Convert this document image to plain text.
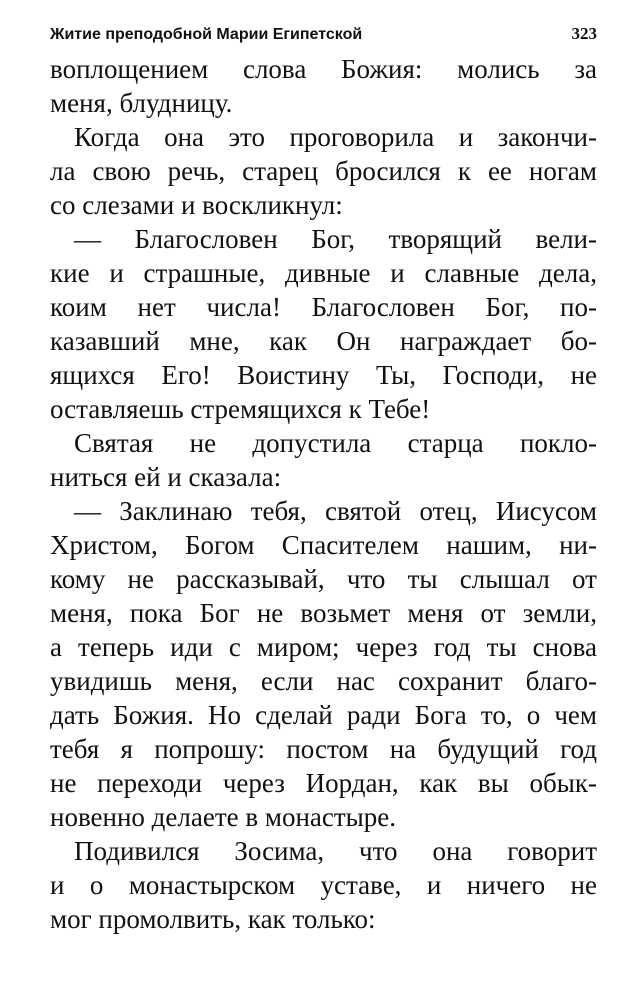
Житие преподобной Марии Египетской	323
воплощением слова Божия: молись за
меня, блудницу.
Когда она это проговорила и закончи-
ла свою речь, старец бросился к ее ногам
со слезами и воскликнул:
— Благословен Бог, творящий вели-
кие и страшные, дивные и славные дела,
коим нет числа! Благословен Бог, по-
казавший мне, как Он награждает бо-
ящихся Его! Воистину Ты, Господи, не
оставляешь стремящихся к Тебе!
Святая не допустила старца покло-
ниться ей и сказала:
— Заклинаю тебя, святой отец, Иисусом
Христом, Богом Спасителем нашим, ни-
кому не рассказывай, что ты слышал от
меня, пока Бог не возьмет меня от земли,
а теперь иди с миром; через год ты снова
увидишь меня, если нас сохранит благо-
дать Божия. Но сделай ради Бога то, о чем
тебя я попрошу: постом на будущий год
не переходи через Иордан, как вы обык-
новенно делаете в монастыре.
Подивился Зосима, что она говорит
и о монастырском уставе, и ничего не
мог промолвить, как только:
